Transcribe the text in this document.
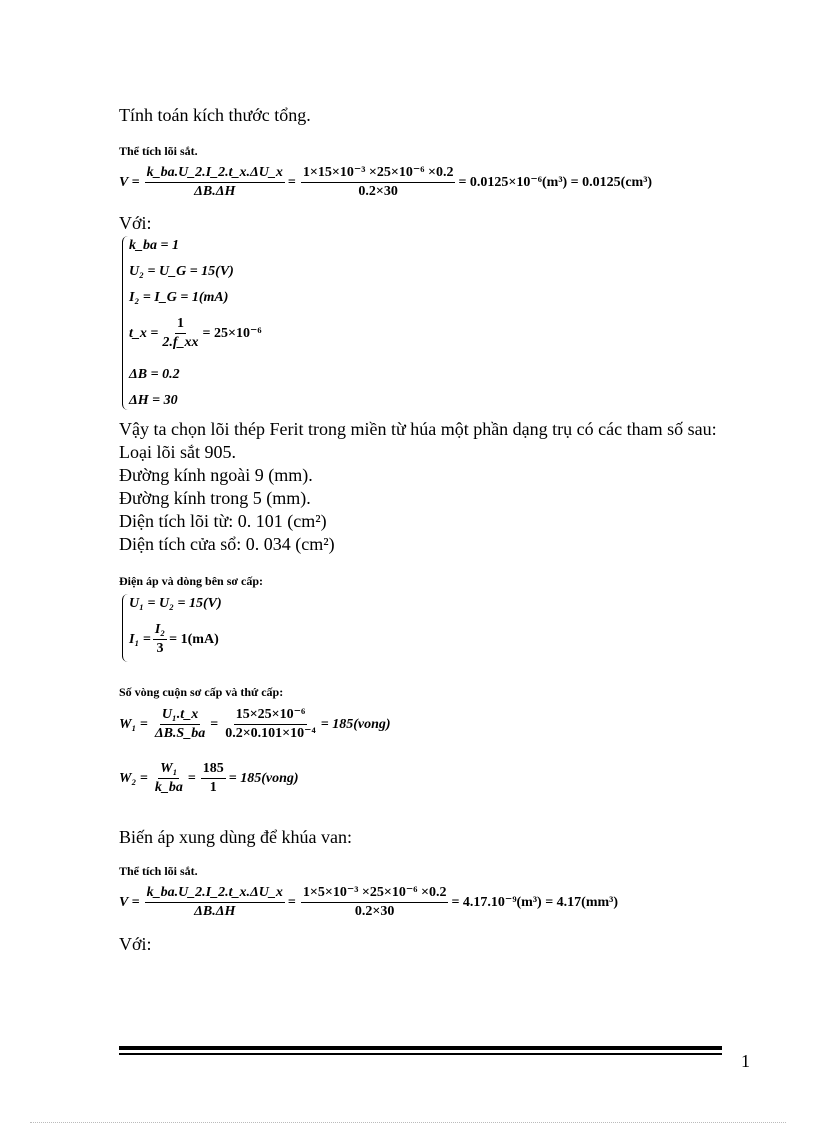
Tính toán kích thước tổng.
Thể tích lõi sắt.
$V = \frac{k\_ba.U\_2.I\_2.t\_x.\Delta U\_x}{\Delta B.\Delta H} = \frac{\text{1×15×10⁻³ ×25×10⁻⁶ ×0.2}}{0.2\times 30} = 0.0125\times 10^{-6}(m^3) = 0.0125(cm^3)$
Với:
k_ba = 1
U₂ = U_G = 15(V)
I₂ = I_G = 1(mA)
t_x = $\frac{1}{2.f\_xx} = 25\times 10^{-6}$
ΔB = 0.2
ΔH = 30
Vậy ta chọn lõi thép Ferit trong miền từ húa một phần dạng trụ có các tham số sau:
Loại lõi sắt 905.
Đường kính ngoài 9 (mm).
Đường kính trong 5 (mm).
Diện tích lõi từ: 0. 101 (cm²)
Diện tích cửa sổ: 0. 034 (cm²)
Điện áp và dòng bên sơ cấp:
U₁ = U₂ = 15(V)
$I_1 = \frac{\text{I₂}}{3} = 1(mA)$
Số vòng cuộn sơ cấp và thứ cấp:
$W_1 = \frac{\text{U₁.t\_x}}{\Delta B.S\_ba} = \frac{\text{15×25×10⁻⁶}}{\text{0.2×0.101×10⁻⁴}}$ = 185(vong)
$W_2 = \frac{\text{W₁}}{k\_ba} = \frac{185}{1}$ = 185(vong)
Biến áp xung dùng để khúa van:
Thể tích lõi sắt.
$V = \frac{k\_ba.U\_2.I\_2.t\_x.\Delta U\_x}{\Delta B.\Delta H} = \frac{\text{1×5×10⁻³ ×25×10⁻⁶ ×0.2}}{0.2\times 30} = 4.17.10^{-9}(m^3) = 4.17(mm^3)$
Với:
1
